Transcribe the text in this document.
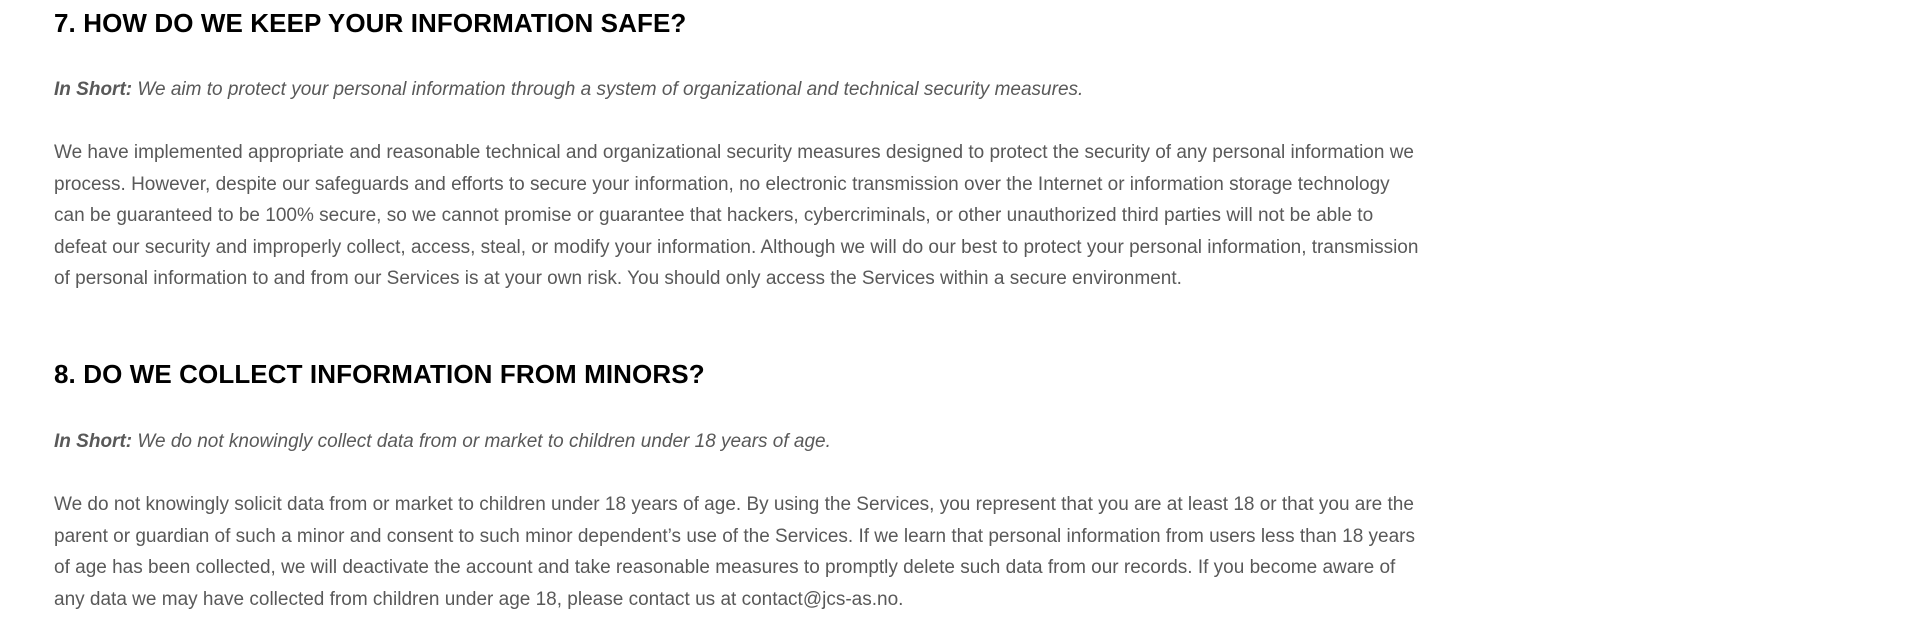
7. HOW DO WE KEEP YOUR INFORMATION SAFE?

In Short: We aim to protect your personal information through a system of organizational and technical security measures.

We have implemented appropriate and reasonable technical and organizational security measures designed to protect the security of any personal information we process. However, despite our safeguards and efforts to secure your information, no electronic transmission over the Internet or information storage technology can be guaranteed to be 100% secure, so we cannot promise or guarantee that hackers, cybercriminals, or other unauthorized third parties will not be able to defeat our security and improperly collect, access, steal, or modify your information. Although we will do our best to protect your personal information, transmission of personal information to and from our Services is at your own risk. You should only access the Services within a secure environment.

8. DO WE COLLECT INFORMATION FROM MINORS?

In Short: We do not knowingly collect data from or market to children under 18 years of age.

We do not knowingly solicit data from or market to children under 18 years of age. By using the Services, you represent that you are at least 18 or that you are the parent or guardian of such a minor and consent to such minor dependent’s use of the Services. If we learn that personal information from users less than 18 years of age has been collected, we will deactivate the account and take reasonable measures to promptly delete such data from our records. If you become aware of any data we may have collected from children under age 18, please contact us at contact@jcs-as.no.
